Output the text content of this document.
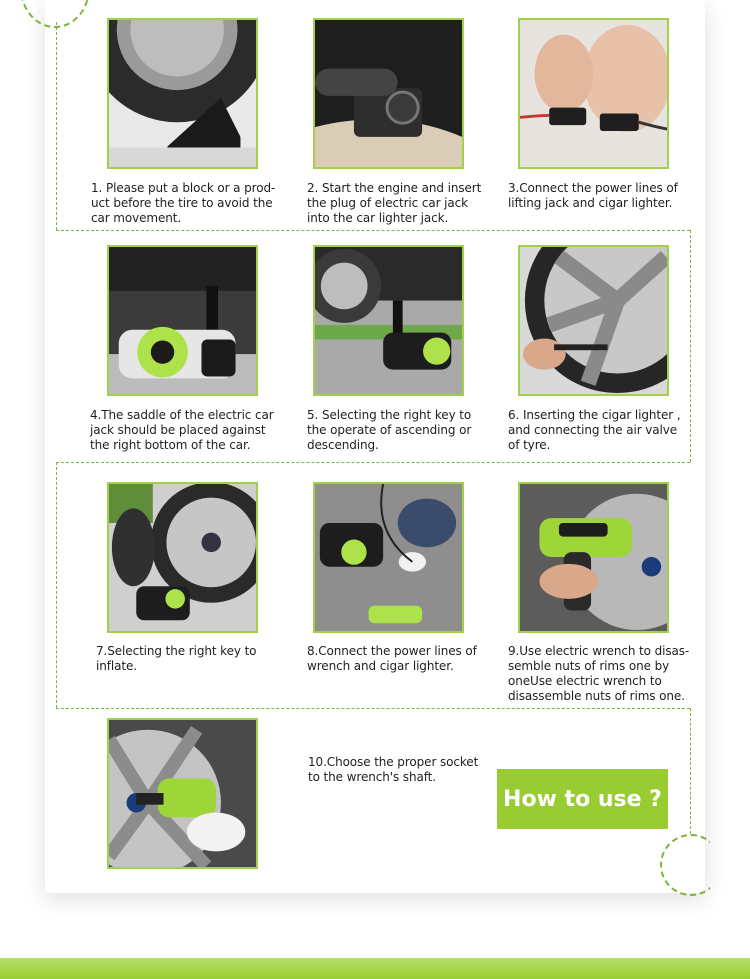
1. Please put a block or a prod-
uct before the tire to avoid the
car movement.
2. Start the engine and insert
the plug of electric car jack
into the car lighter jack.
3.Connect the power lines of
lifting jack and cigar lighter.
4.The saddle of the electric car
jack should be placed against
the right bottom of the car.
5. Selecting the right key to
the operate of ascending or
descending.
6. Inserting the cigar lighter ,
and connecting the air valve
of tyre.
7.Selecting the right key to
inflate.
8.Connect the power lines of
wrench and cigar lighter.
9.Use electric wrench to disas-
semble nuts of rims one by
oneUse electric wrench to
disassemble nuts of rims one.
10.Choose the proper socket
to the wrench's shaft.
How to use ?
